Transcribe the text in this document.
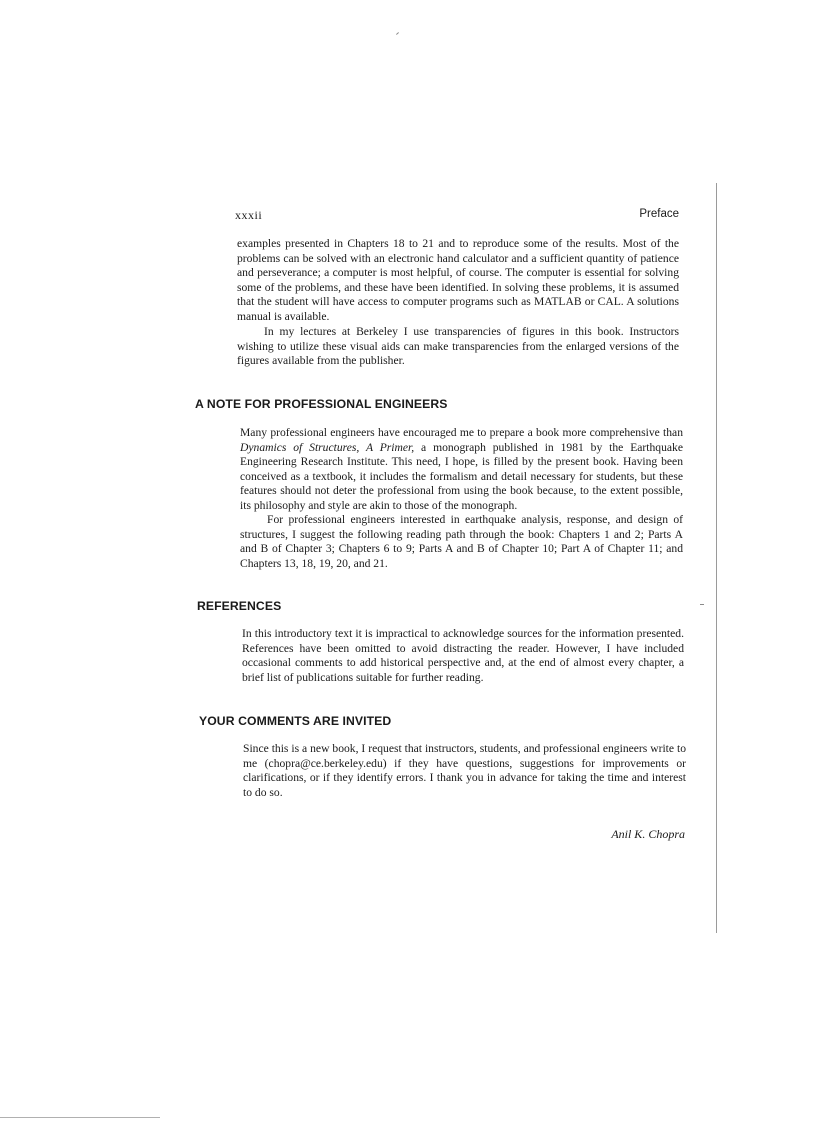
xxxii	Preface

examples presented in Chapters 18 to 21 and to reproduce some of the results. Most of the problems can be solved with an electronic hand calculator and a sufficient quantity of patience and perseverance; a computer is most helpful, of course. The computer is essential for solving some of the problems, and these have been identified. In solving these problems, it is assumed that the student will have access to computer programs such as MATLAB or CAL. A solutions manual is available.

In my lectures at Berkeley I use transparencies of figures in this book. Instructors wishing to utilize these visual aids can make transparencies from the enlarged versions of the figures available from the publisher.

A NOTE FOR PROFESSIONAL ENGINEERS

Many professional engineers have encouraged me to prepare a book more comprehensive than Dynamics of Structures, A Primer, a monograph published in 1981 by the Earthquake Engineering Research Institute. This need, I hope, is filled by the present book. Having been conceived as a textbook, it includes the formalism and detail necessary for students, but these features should not deter the professional from using the book because, to the extent possible, its philosophy and style are akin to those of the monograph.

For professional engineers interested in earthquake analysis, response, and design of structures, I suggest the following reading path through the book: Chapters 1 and 2; Parts A and B of Chapter 3; Chapters 6 to 9; Parts A and B of Chapter 10; Part A of Chapter 11; and Chapters 13, 18, 19, 20, and 21.

REFERENCES

In this introductory text it is impractical to acknowledge sources for the information presented. References have been omitted to avoid distracting the reader. However, I have included occasional comments to add historical perspective and, at the end of almost every chapter, a brief list of publications suitable for further reading.

YOUR COMMENTS ARE INVITED

Since this is a new book, I request that instructors, students, and professional engineers write to me (chopra@ce.berkeley.edu) if they have questions, suggestions for improvements or clarifications, or if they identify errors. I thank you in advance for taking the time and interest to do so.

Anil K. Chopra
